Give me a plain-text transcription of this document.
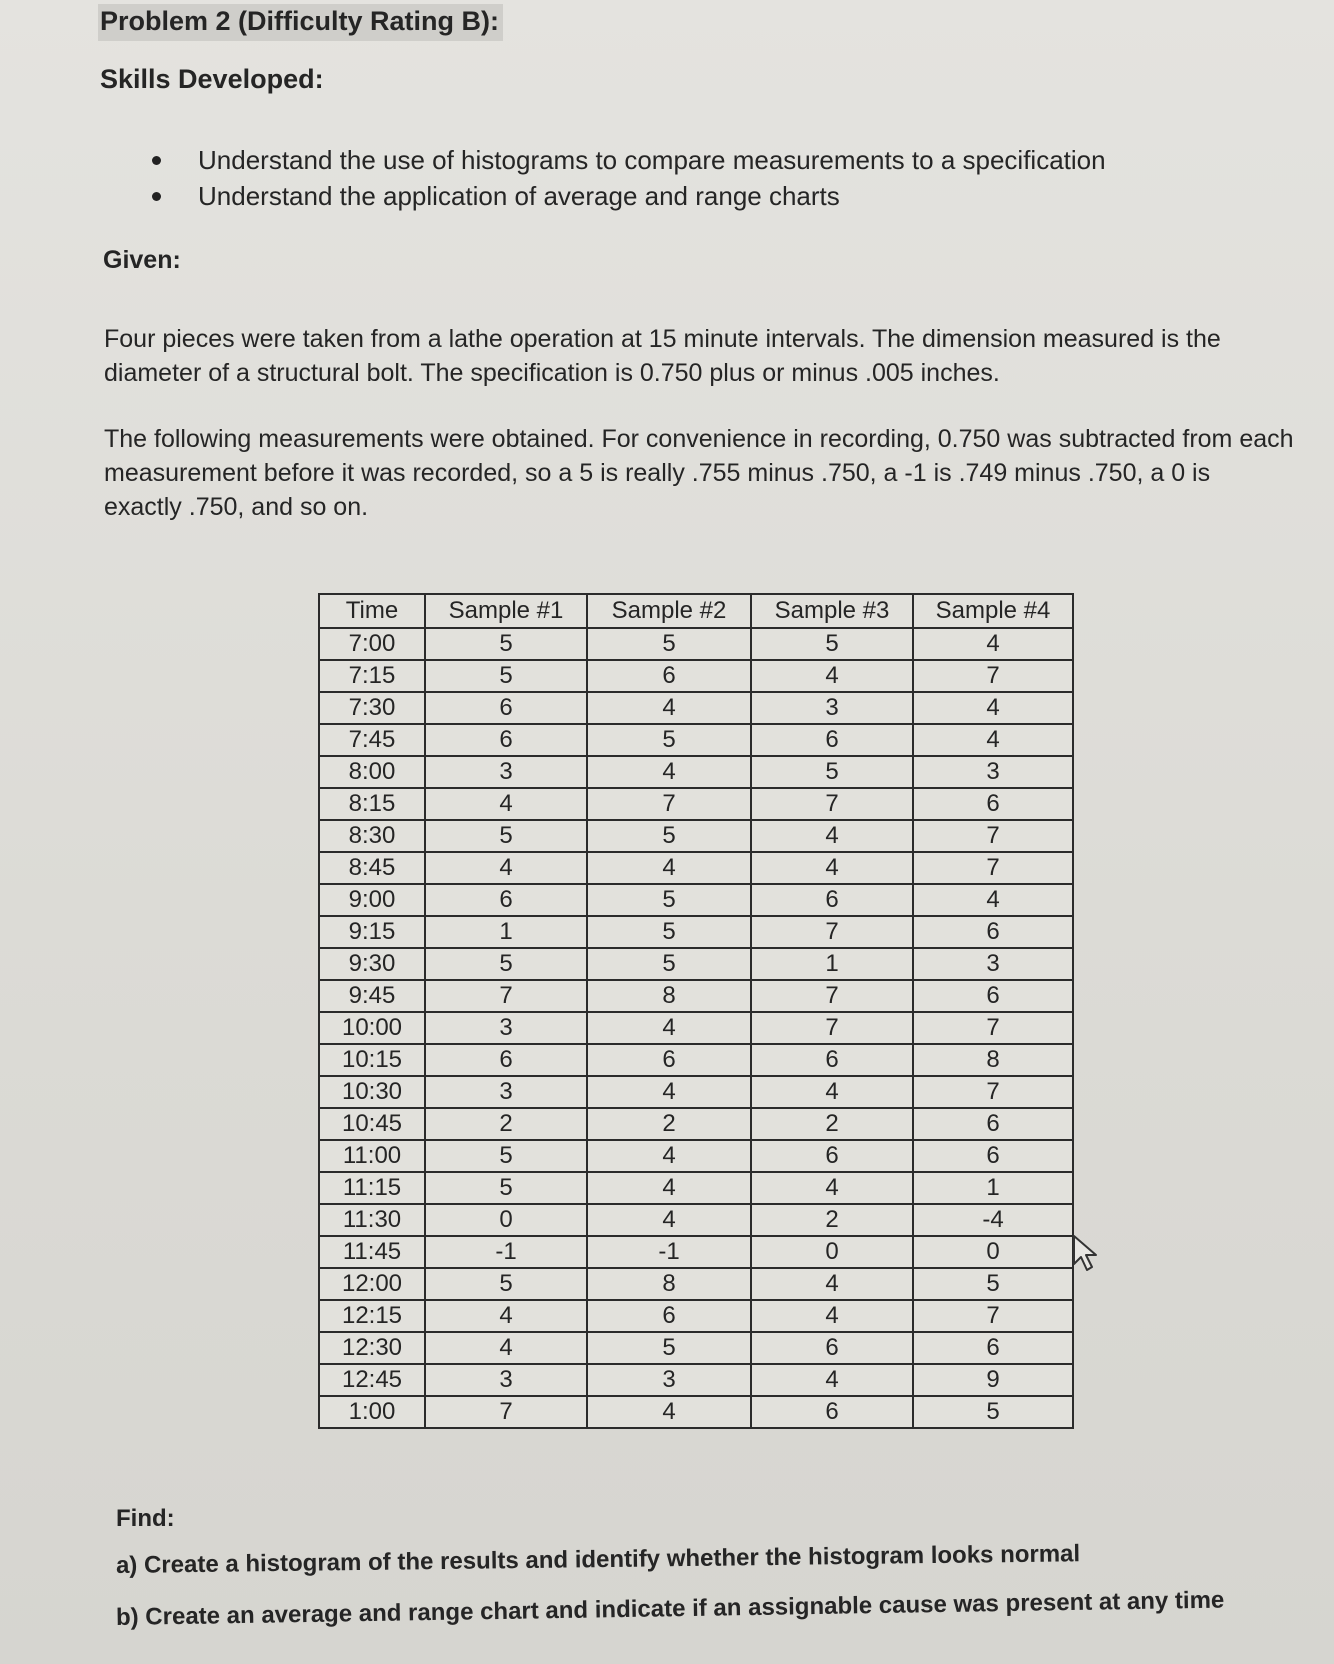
Problem 2 (Difficulty Rating B):
Skills Developed:
Understand the use of histograms to compare measurements to a specification
Understand the application of average and range charts
Given:

Four pieces were taken from a lathe operation at 15 minute intervals. The dimension measured is the diameter of a structural bolt. The specification is 0.750 plus or minus .005 inches.

The following measurements were obtained. For convenience in recording, 0.750 was subtracted from each measurement before it was recorded, so a 5 is really .755 minus .750, a -1 is .749 minus .750, a 0 is exactly .750, and so on.

Time	Sample #1	Sample #2	Sample #3	Sample #4
7:00	5	5	5	4
7:15	5	6	4	7
7:30	6	4	3	4
7:45	6	5	6	4
8:00	3	4	5	3
8:15	4	7	7	6
8:30	5	5	4	7
8:45	4	4	4	7
9:00	6	5	6	4
9:15	1	5	7	6
9:30	5	5	1	3
9:45	7	8	7	6
10:00	3	4	7	7
10:15	6	6	6	8
10:30	3	4	4	7
10:45	2	2	2	6
11:00	5	4	6	6
11:15	5	4	4	1
11:30	0	4	2	-4
11:45	-1	-1	0	0
12:00	5	8	4	5
12:15	4	6	4	7
12:30	4	5	6	6
12:45	3	3	4	9
1:00	7	4	6	5
Find:
a) Create a histogram of the results and identify whether the histogram looks normal
b) Create an average and range chart and indicate if an assignable cause was present at any time
